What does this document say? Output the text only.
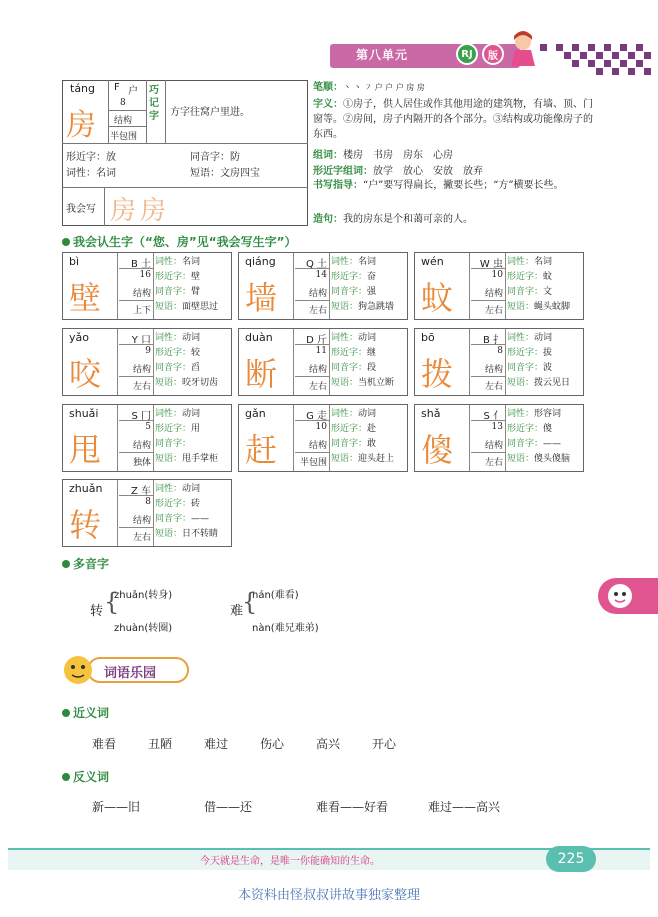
第八单元	RJ	版
táng
房
F 户
8
结构
半包围
巧记字 方字往窝户里进。
形近字：放	同音字：防
词性：名词	短语：文房四宝
我会写 房房
笔顺：丶 丶 ㇇ 户 户 户 房 房
字义：①房子，供人居住或作其他用途的建筑物，有墙、顶、门窗等。②房间，房子内隔开的各个部分。③结构或功能像房子的东西。
组词：楼房　书房　房东　心房
形近字组词：放学　放心　安放　放弃
书写指导：“户”要写得扁长，撇要长些；“方”横要长些。
造句：我的房东是个和蔼可亲的人。
我会认生字（“您、房”见“我会写生字”）
bì
壁
B 土
16
结构
上下
词性：名词
形近字：壁
同音字：臂
短语：面壁思过
qiáng
墙
Q 土
14
结构
左右
词性：名词
形近字：奋
同音字：强
短语：狗急跳墙
wén
蚊
W 虫
10
结构
左右
词性：名词
形近字：蚊
同音字：文
短语：蝇头蚊脚
yǎo
咬
Y 口
9
结构
左右
词性：动词
形近字：较
同音字：舀
短语：咬牙切齿
duàn
断
D 斤
11
结构
左右
词性：动词
形近字：继
同音字：段
短语：当机立断
bō
拨
B 扌
8
结构
左右
词性：动词
形近字：拔
同音字：波
短语：拨云见日
shuǎi
甩
S 冂
5
结构
独体
词性：动词
形近字：用
同音字：
短语：甩手掌柜
gǎn
赶
G 走
10
结构
半包围
词性：动词
形近字：赴
同音字：敢
短语：迎头赶上
shǎ
傻
S 亻
13
结构
左右
词性：形容词
形近字：傻
同音字：——
短语：傻头傻脑
zhuǎn
转
Z 车
8
结构
左右
词性：动词
形近字：砖
同音字：——
短语：日不转睛
多音字
转 {
zhuǎn(转身)
zhuàn(转圈)
难
{
nán(难看)
nàn(难兄难弟)
词语乐园
近义词
难看	丑陋	难过	伤心	高兴	开心
反义词
新——旧	借——还	难看——好看	难过——高兴
今天就是生命，是唯一你能确知的生命。	225
本资料由怪叔叔讲故事独家整理
